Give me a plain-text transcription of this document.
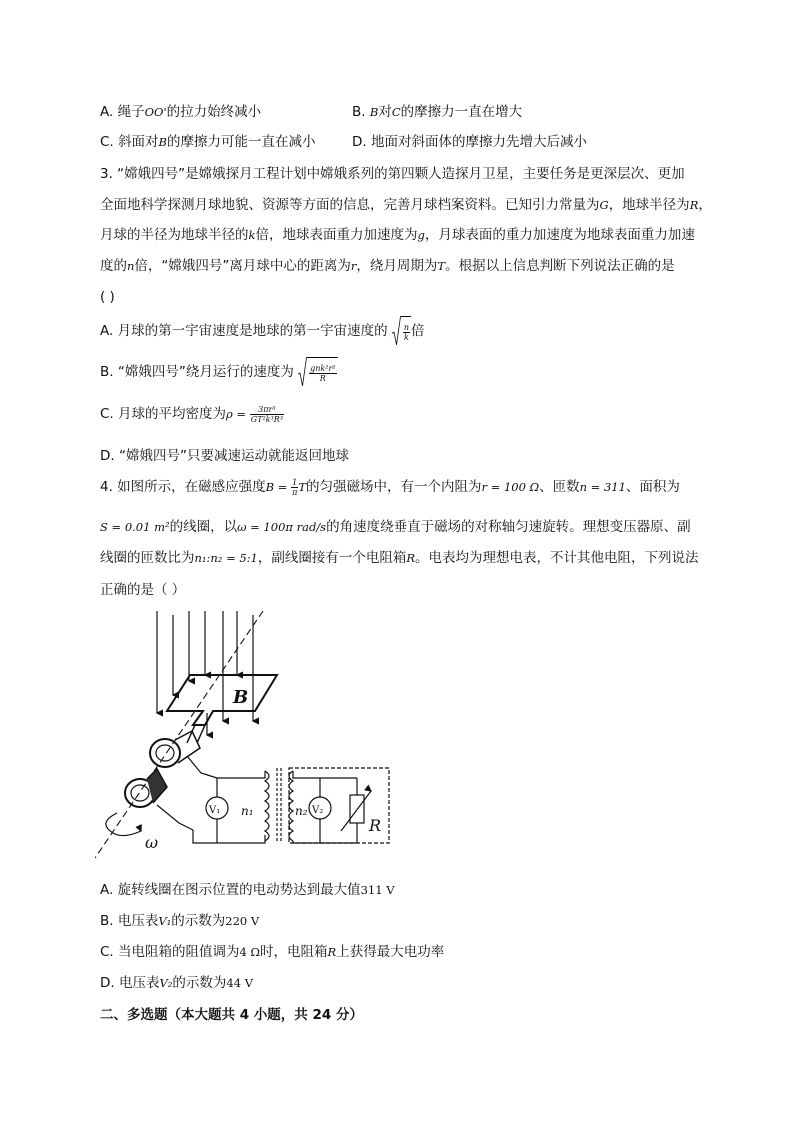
A. 绳子OO'的拉力始终减小	B. B对C的摩擦力一直在增大
C. 斜面对B的摩擦力可能一直在减小	D. 地面对斜面体的摩擦力先增大后减小
3. “嫦娥四号”是嫦娥探月工程计划中嫦娥系列的第四颗人造探月卫星，主要任务是更深层次、更加
全面地科学探测月球地貌、资源等方面的信息，完善月球档案资料。已知引力常量为G，地球半径为R，
月球的半径为地球半径的k倍，地球表面重力加速度为g，月球表面的重力加速度为地球表面重力加速
度的n倍，“嫦娥四号”离月球中心的距离为r，绕月周期为T。根据以上信息判断下列说法正确的是
( )
A. 月球的第一宇宙速度是地球的第一宇宙速度的 $\frac{n}{k}$ 倍
B. “嫦娥四号”绕月运行的速度为 $\frac{\text{gnk²r²}}{R}$
C. 月球的平均密度为$\rho = \frac{\text{3πr³}}{\text{GT²k³R³}}$
D. “嫦娥四号”只要减速运动就能返回地球
4. 如图所示，在磁感应强度$B = \frac{1}{\pi}$ T的匀强磁场中，有一个内阻为r = 100 Ω、匝数n = 311、面积为
S = 0.01 m²的线圈，以ω = 100π rad/s的角速度绕垂直于磁场的对称轴匀速旋转。理想变压器原、副
线圈的匝数比为n₁:n₂ = 5:1，副线圈接有一个电阻箱R。电表均为理想电表，不计其他电阻，下列说法
正确的是（ ）
B
V₁	V₂
n₁	n₂
R
ω
A. 旋转线圈在图示位置的电动势达到最大值311 V
B. 电压表V₁的示数为220 V
C. 当电阻箱的阻值调为4 Ω时，电阻箱R上获得最大电功率
D. 电压表V₂的示数为44 V
二、多选题（本大题共 4 小题，共 24 分）
